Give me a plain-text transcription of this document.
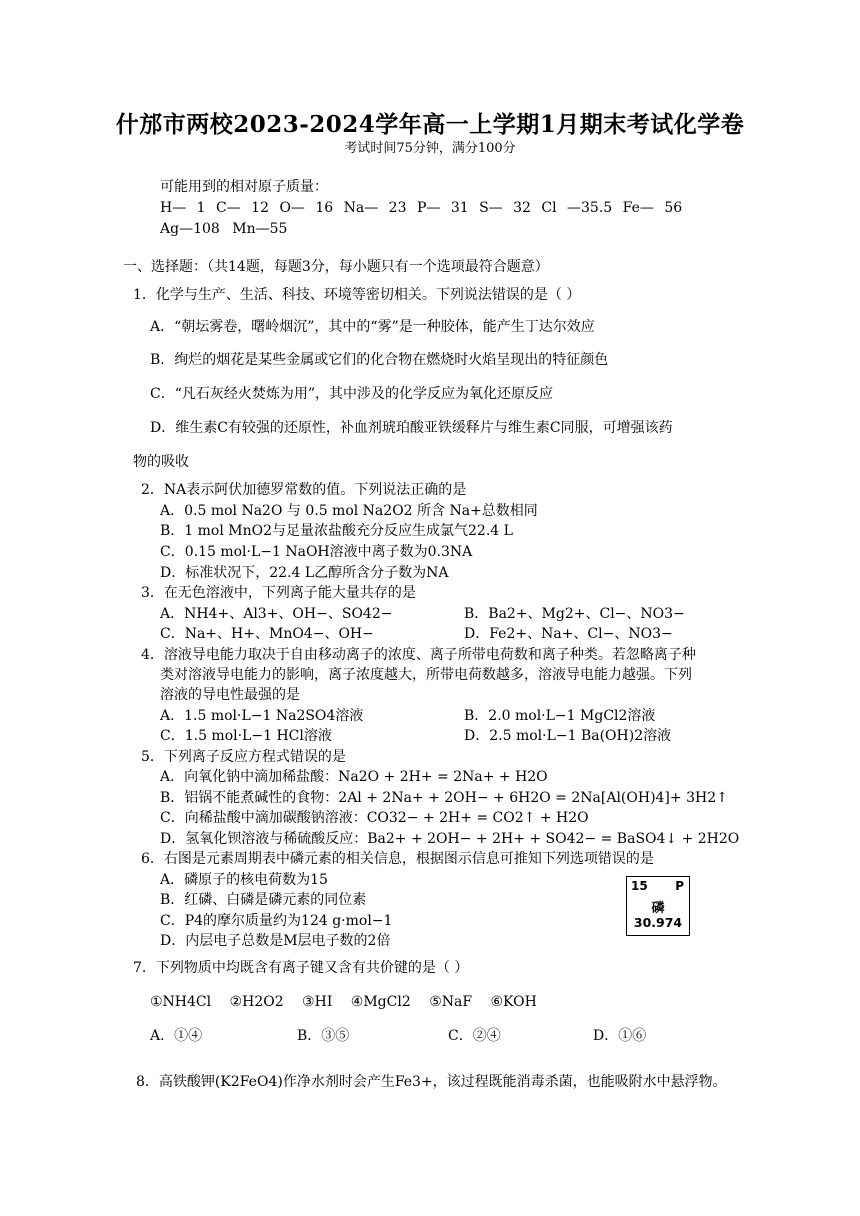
什邡市两校2023-2024学年高一上学期1月期末考试化学卷
考试时间75分钟，满分100分
可能用到的相对原子质量：
H— 1 C— 12 O— 16 Na— 23 P— 31 S— 32 Cl —35.5 Fe— 56
Ag—108 Mn—55
一、选择题：（共14题，每题3分，每小题只有一个选项最符合题意）
1．化学与生产、生活、科技、环境等密切相关。下列说法错误的是（ ）
A．“朝坛雾卷，曙岭烟沉”，其中的“雾”是一种胶体，能产生丁达尔效应
B．绚烂的烟花是某些金属或它们的化合物在燃烧时火焰呈现出的特征颜色
C．“凡石灰经火焚炼为用”，其中涉及的化学反应为氧化还原反应
D．维生素C有较强的还原性，补血剂琥珀酸亚铁缓释片与维生素C同服，可增强该药
物的吸收
2．NA表示阿伏加德罗常数的值。下列说法正确的是
A．0.5 mol Na2O 与 0.5 mol Na2O2 所含 Na+总数相同
B．1 mol MnO2与足量浓盐酸充分反应生成氯气22.4 L
C．0.15 mol·L−1 NaOH溶液中离子数为0.3NA
D．标准状况下，22.4 L乙醇所含分子数为NA
3．在无色溶液中，下列离子能大量共存的是
A．NH4+、Al3+、OH−、SO42−	B．Ba2+、Mg2+、Cl−、NO3−
C．Na+、H+、MnO4−、OH−	D．Fe2+、Na+、Cl−、NO3−
4．溶液导电能力取决于自由移动离子的浓度、离子所带电荷数和离子种类。若忽略离子种
类对溶液导电能力的影响，离子浓度越大，所带电荷数越多，溶液导电能力越强。下列
溶液的导电性最强的是
A．1.5 mol·L−1 Na2SO4溶液	B．2.0 mol·L−1 MgCl2溶液
C．1.5 mol·L−1 HCl溶液	D．2.5 mol·L−1 Ba(OH)2溶液
5．下列离子反应方程式错误的是
A．向氧化钠中滴加稀盐酸：Na2O + 2H+ = 2Na+ + H2O
B．铝锅不能煮碱性的食物：2Al + 2Na+ + 2OH− + 6H2O = 2Na[Al(OH)4]+ 3H2↑
C．向稀盐酸中滴加碳酸钠溶液：CO32− + 2H+ = CO2↑ + H2O
D．氢氧化钡溶液与稀硫酸反应：Ba2+ + 2OH− + 2H+ + SO42− = BaSO4↓ + 2H2O
6．右图是元素周期表中磷元素的相关信息，根据图示信息可推知下列选项错误的是
A．磷原子的核电荷数为15
B．红磷、白磷是磷元素的同位素
C．P4的摩尔质量约为124 g·mol−1
D．内层电子总数是M层电子数的2倍
15 P
磷
30.974
7．下列物质中均既含有离子键又含有共价键的是（ ）
①NH4Cl ②H2O2 ③HI ④MgCl2 ⑤NaF ⑥KOH
A．①④	B．③⑤	C．②④	D．①⑥
8．高铁酸钾(K2FeO4)作净水剂时会产生Fe3+，该过程既能消毒杀菌，也能吸附水中悬浮物。
